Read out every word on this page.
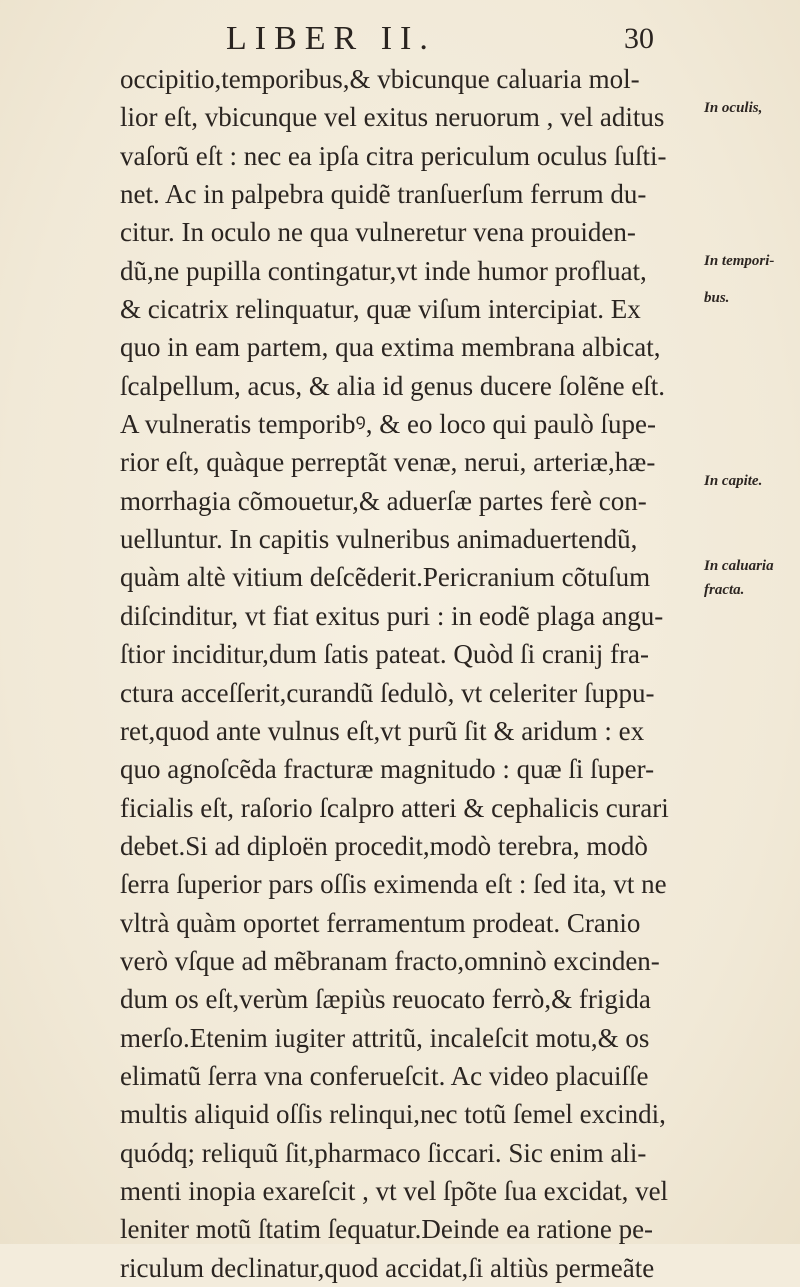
LIBER II.	30
occipitio,temporibus,& vbicunque caluaria mol-
lior eſt, vbicunque vel exitus neruorum , vel aditus
vaſorũ eſt : nec ea ipſa citra periculum oculus ſuſti-
net. Ac in palpebra quidẽ tranſuerſum ferrum du-
citur. In oculo ne qua vulneretur vena prouiden-
dũ,ne pupilla contingatur,vt inde humor profluat,
& cicatrix relinquatur, quæ viſum intercipiat. Ex
quo in eam partem, qua extima membrana albicat,
ſcalpellum, acus, & alia id genus ducere ſolẽne eſt.
A vulneratis temporibꝰ, & eo loco qui paulò ſupe-
rior eſt, quàque perreptãt venæ, nerui, arteriæ,hæ-
morrhagia cõmouetur,& aduerſæ partes ferè con-
uelluntur. In capitis vulneribus animaduertendũ,
quàm altè vitium deſcẽderit.Pericranium cõtuſum
diſcinditur, vt fiat exitus puri : in eodẽ plaga angu-
ſtior inciditur,dum ſatis pateat. Quòd ſi cranij fra-
ctura acceſſerit,curandũ ſedulò, vt celeriter ſuppu-
ret,quod ante vulnus eſt,vt purũ ſit & aridum : ex
quo agnoſcẽda fracturæ magnitudo : quæ ſi ſuper-
ficialis eſt, raſorio ſcalpro atteri & cephalicis curari
debet.Si ad diploën procedit,modò terebra, modò
ſerra ſuperior pars oſſis eximenda eſt : ſed ita, vt ne
vltrà quàm oportet ferramentum prodeat. Cranio
verò vſque ad mẽbranam fracto,omninò excinden-
dum os eſt,verùm ſæpiùs reuocato ferrò,& frigida
merſo.Etenim iugiter attritũ, incaleſcit motu,& os
elimatũ ſerra vna conferueſcit. Ac video placuiſſe
multis aliquid oſſis relinqui,nec totũ ſemel excindi,
quódq; reliquũ ſit,pharmaco ſiccari. Sic enim ali-
menti inopia exareſcit , vt vel ſpõte ſua excidat, vel
leniter motũ ſtatim ſequatur.Deinde ea ratione pe-
riculum declinatur,quod accidat,ſi altiùs permeãte
In oculis,
In tempori-
bus.
In capite.
In caluaria
fracta.
